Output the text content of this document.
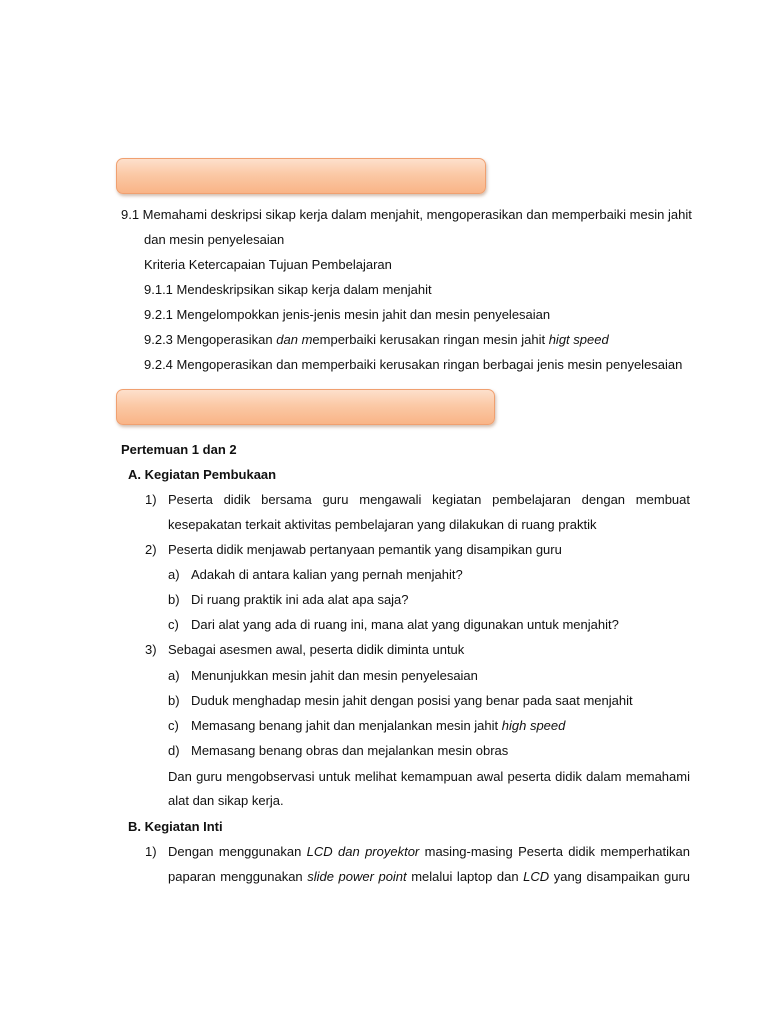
9.1 Memahami deskripsi sikap kerja dalam menjahit, mengoperasikan dan memperbaiki mesin jahit
dan mesin penyelesaian
Kriteria Ketercapaian Tujuan Pembelajaran
9.1.1 Mendeskripsikan sikap kerja dalam menjahit
9.2.1 Mengelompokkan jenis-jenis mesin jahit dan mesin penyelesaian
9.2.3 Mengoperasikan dan memperbaiki kerusakan ringan mesin jahit higt speed
9.2.4 Mengoperasikan dan memperbaiki kerusakan ringan berbagai jenis mesin penyelesaian
Pertemuan 1 dan 2
A. Kegiatan Pembukaan
1) Peserta didik bersama guru mengawali kegiatan pembelajaran dengan membuat
kesepakatan terkait aktivitas pembelajaran yang dilakukan di ruang praktik
2) Peserta didik menjawab pertanyaan pemantik yang disampikan guru
a) Adakah di antara kalian yang pernah menjahit?
b) Di ruang praktik ini ada alat apa saja?
c) Dari alat yang ada di ruang ini, mana alat yang digunakan untuk menjahit?
3) Sebagai asesmen awal, peserta didik diminta untuk
a) Menunjukkan mesin jahit dan mesin penyelesaian
b) Duduk menghadap mesin jahit dengan posisi yang benar pada saat menjahit
c) Memasang benang jahit dan menjalankan mesin jahit high speed
d) Memasang benang obras dan mejalankan mesin obras
Dan guru mengobservasi untuk melihat kemampuan awal peserta didik dalam memahami
alat dan sikap kerja.
B. Kegiatan Inti
1) Dengan menggunakan LCD dan proyektor masing-masing Peserta didik memperhatikan
paparan menggunakan slide power point melalui laptop dan LCD yang disampaikan guru
